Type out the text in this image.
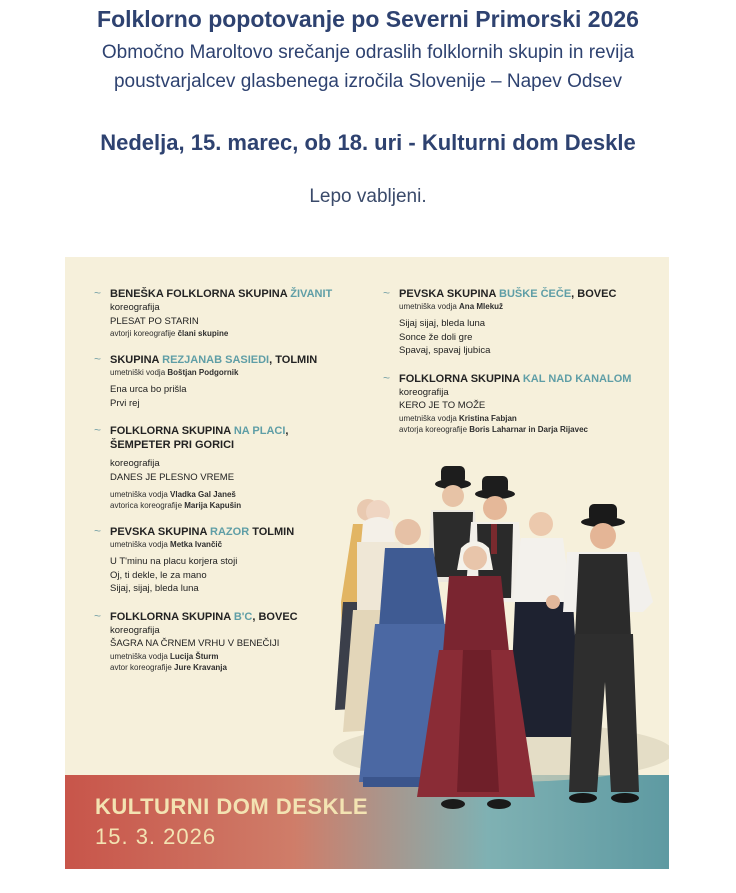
Folklorno popotovanje po Severni Primorski 2026
Območno Maroltovo srečanje odraslih folklornih skupin in revija
poustvarjalcev glasbenega izročila Slovenije – Napev Odsev
Nedelja, 15. marec, ob 18. uri - Kulturni dom Deskle
Lepo vabljeni.
~ BENEŠKA FOLKLORNA SKUPINA ŽIVANIT
koreografija
PLESAT PO STARIN
avtorji koreografije člani skupine
~ SKUPINA REZJANAB SASIEDI, TOLMIN
umetniški vodja Boštjan Podgornik
Ena urca bo prišla
Prvi rej
~ FOLKLORNA SKUPINA NA PLACI,
ŠEMPETER PRI GORICI
koreografija
DANES JE PLESNO VREME
umetniška vodja Vladka Gal Janeš
avtorica koreografije Marija Kapušin
~ PEVSKA SKUPINA RAZOR TOLMIN
umetniška vodja Metka Ivančič
U T'minu na placu korjera stoji
Oj, ti dekle, le za mano
Sijaj, sijaj, bleda luna
~ FOLKLORNA SKUPINA B'C, BOVEC
koreografija
ŠAGRA NA ČRNEM VRHU V BENEČIJI
umetniška vodja Lucija Šturm
avtor koreografije Jure Kravanja
~ PEVSKA SKUPINA BUŠKE ČEČE, BOVEC
umetniška vodja Ana Mlekuž
Sijaj sijaj, bleda luna
Sonce že doli gre
Spavaj, spavaj ljubica
~ FOLKLORNA SKUPINA KAL NAD KANALOM
koreografija
KERO JE TO MOŽE
umetniška vodja Kristina Fabjan
avtorja koreografije Boris Laharnar in Darja Rijavec
KULTURNI DOM DESKLE
15. 3. 2026
